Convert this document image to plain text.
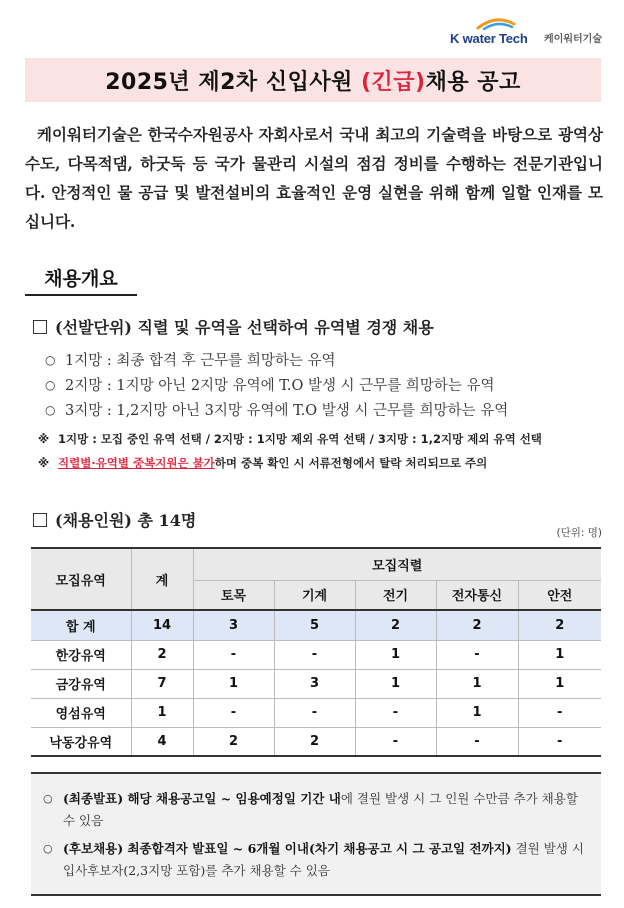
K water Tech 케이워터기술
2025년 제2차 신입사원 (긴급)채용 공고

케이워터기술은 한국수자원공사 자회사로서 국내 최고의 기술력을 바탕으로 광역상수도, 다목적댐, 하굿둑 등 국가 물관리 시설의 점검 정비를 수행하는 전문기관입니다. 안정적인 물 공급 및 발전설비의 효율적인 운영 실현을 위해 함께 일할 인재를 모십니다.

채용개요
(선발단위) 직렬 및 유역을 선택하여 유역별 경쟁 채용
○ 1지망 : 최종 합격 후 근무를 희망하는 유역
○ 2지망 : 1지망 아닌 2지망 유역에 T.O 발생 시 근무를 희망하는 유역
○ 3지망 : 1,2지망 아닌 3지망 유역에 T.O 발생 시 근무를 희망하는 유역
※ 1지망 : 모집 중인 유역 선택 / 2지망 : 1지망 제외 유역 선택 / 3지망 : 1,2지망 제외 유역 선택
※ 직렬별·유역별 중복지원은 불가하며 중복 확인 시 서류전형에서 탈락 처리되므로 주의
(채용인원) 총 14명
(단위: 명)
모집유역	계	모집직렬				
		토목	기계	전기	전자통신	안전
합 계	14	3	5	2	2	2
한강유역	2	-	-	1	-	1
금강유역	7	1	3	1	1	1
영섬유역	1	-	-	-	1	-
낙동강유역	4	2	2	-	-	-
○ (최종발표) 해당 채용공고일 ~ 임용예정일 기간 내에 결원 발생 시 그 인원 수만큼 추가 채용할 수 있음
○ (후보채용) 최종합격자 발표일 ~ 6개월 이내(차기 채용공고 시 그 공고일 전까지) 결원 발생 시 입사후보자(2,3지망 포함)를 추가 채용할 수 있음
